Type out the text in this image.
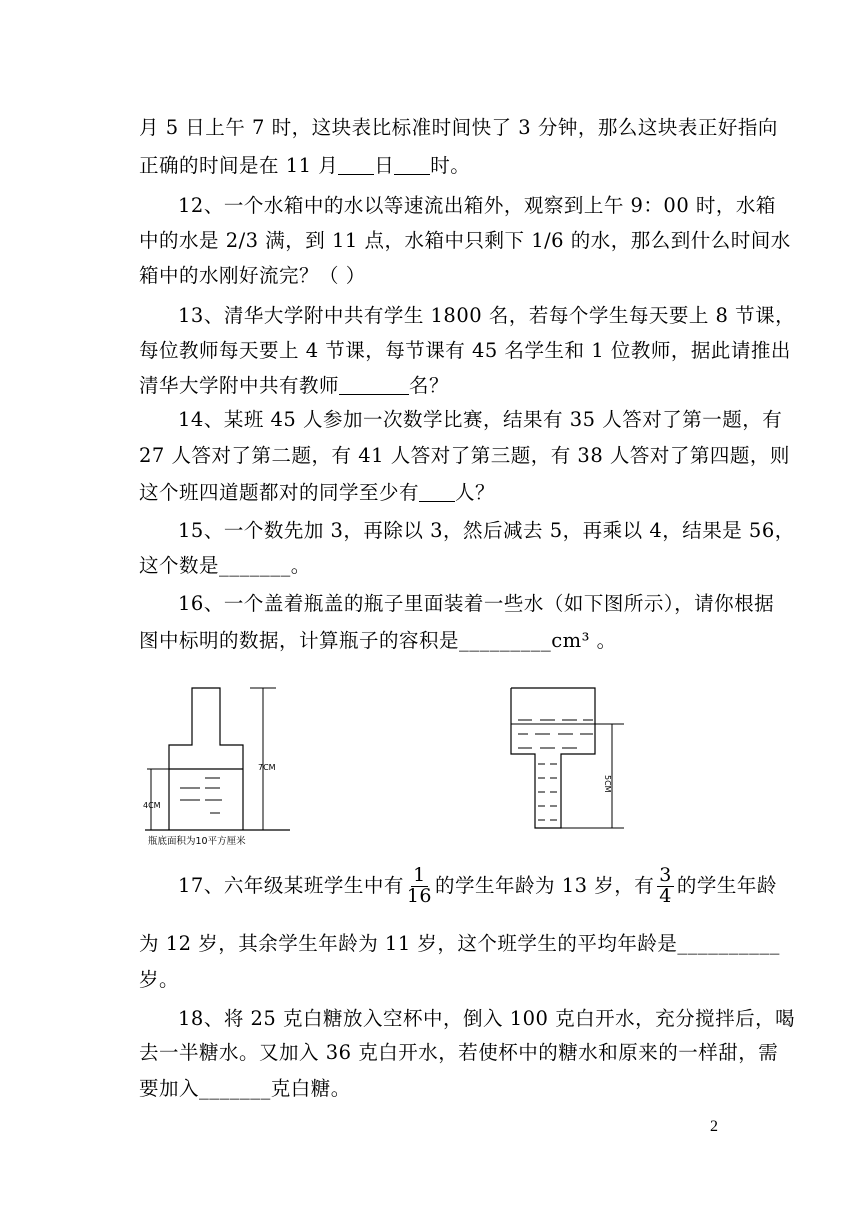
月 5 日上午 7 时，这块表比标准时间快了 3 分钟，那么这块表正好指向
正确的时间是在 11 月 日 时。
12、一个水箱中的水以等速流出箱外，观察到上午 9：00 时，水箱
中的水是 2/3 满，到 11 点，水箱中只剩下 1/6 的水，那么到什么时间水
箱中的水刚好流完？（ ）
13、清华大学附中共有学生 1800 名，若每个学生每天要上 8 节课，
每位教师每天要上 4 节课，每节课有 45 名学生和 1 位教师，据此请推出
清华大学附中共有教师	名？
14、某班 45 人参加一次数学比赛，结果有 35 人答对了第一题，有
27 人答对了第二题，有 41 人答对了第三题，有 38 人答对了第四题，则
这个班四道题都对的同学至少有 人？
15、一个数先加 3，再除以 3，然后减去 5，再乘以 4，结果是 56，
这个数是_______。
16、一个盖着瓶盖的瓶子里面装着一些水（如下图所示），请你根据
图中标明的数据，计算瓶子的容积是_________cm³ 。
7CM
4CM
瓶底面积为10平方厘米
5CM
17、六年级某班学生中有 $\frac{1}{16}$ 的学生年龄为 13 岁，有 $\frac{3}{4}$ 的学生年龄
为 12 岁，其余学生年龄为 11 岁，这个班学生的平均年龄是__________
岁。
18、将 25 克白糖放入空杯中，倒入 100 克白开水，充分搅拌后，喝
去一半糖水。又加入 36 克白开水，若使杯中的糖水和原来的一样甜，需
要加入_______克白糖。
2
